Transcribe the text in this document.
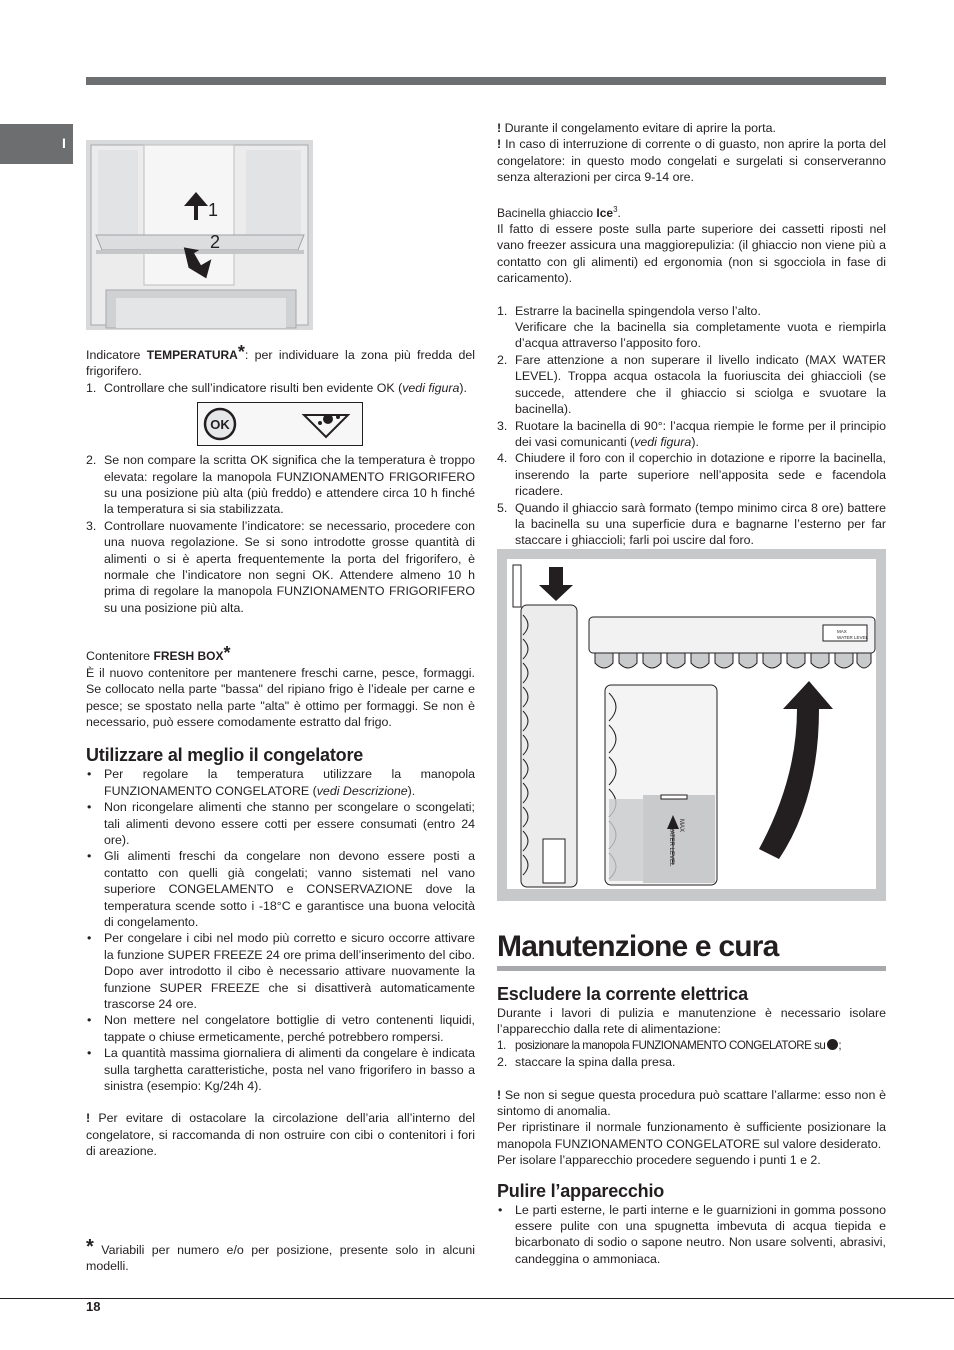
I
1
2

Indicatore TEMPERATURA*: per individuare la zona più fredda del frigorifero.

1. Controllare che sull’indicatore risulti ben evidente OK (vedi figura).
OK
2. Se non compare la scritta OK significa che la temperatura è troppo elevata: regolare la manopola FUNZIONAMENTO FRIGORIFERO su una posizione più alta (più freddo) e attendere circa 10 h finché la temperatura si sia stabilizzata.
3. Controllare nuovamente l’indicatore: se necessario, procedere con una nuova regolazione. Se si sono introdotte grosse quantità di alimenti o si è aperta frequentemente la porta del frigorifero, è normale che l’indicatore non segni OK. Attendere almeno 10 h prima di regolare la manopola FUNZIONAMENTO FRIGORIFERO su una posizione più alta.

Contenitore FRESH BOX*

È il nuovo contenitore per mantenere freschi carne, pesce, formaggi. Se collocato nella parte "bassa" del ripiano frigo è l’ideale per carne e pesce; se spostato nella parte "alta" è ottimo per formaggi. Se non è necessario, può essere comodamente estratto dal frigo.

Utilizzare al meglio il congelatore
• Per regolare la temperatura utilizzare la manopola FUNZIONAMENTO CONGELATORE (vedi Descrizione).
• Non ricongelare alimenti che stanno per scongelare o scongelati; tali alimenti devono essere cotti per essere consumati (entro 24 ore).
• Gli alimenti freschi da congelare non devono essere posti a contatto con quelli già congelati; vanno sistemati nel vano superiore CONGELAMENTO e CONSERVAZIONE dove la temperatura scende sotto i -18°C e garantisce una buona velocità di congelamento.
• Per congelare i cibi nel modo più corretto e sicuro occorre attivare la funzione SUPER FREEZE 24 ore prima dell’inserimento del cibo. Dopo aver introdotto il cibo è necessario attivare nuovamente la funzione SUPER FREEZE che si disattiverà automaticamente trascorse 24 ore.
• Non mettere nel congelatore bottiglie di vetro contenenti liquidi, tappate o chiuse ermeticamente, perché potrebbero rompersi.
• La quantità massima giornaliera di alimenti da congelare è indicata sulla targhetta caratteristiche, posta nel vano frigorifero in basso a sinistra (esempio: Kg/24h 4).

! Per evitare di ostacolare la circolazione dell’aria all’interno del congelatore, si raccomanda di non ostruire con cibi o contenitori i fori di areazione.

* Variabili per numero e/o per posizione, presente solo in alcuni modelli.

! Durante il congelamento evitare di aprire la porta.

! In caso di interruzione di corrente o di guasto, non aprire la porta del congelatore: in questo modo congelati e surgelati si conserveranno senza alterazioni per circa 9-14 ore.

Bacinella ghiaccio Ice$^3$.

Il fatto di essere poste sulla parte superiore dei cassetti riposti nel vano freezer assicura una maggiorepulizia: (il ghiaccio non viene più a contatto con gli alimenti) ed ergonomia (non si sgocciola in fase di caricamento).

1. Estrarre la bacinella spingendola verso l’alto.
Verificare che la bacinella sia completamente vuota e riempirla d’acqua attraverso l’apposito foro.
2. Fare attenzione a non superare il livello indicato (MAX WATER LEVEL). Troppa acqua ostacola la fuoriuscita dei ghiaccioli (se succede, attendere che il ghiaccio si sciolga e svuotare la bacinella).
3. Ruotare la bacinella di 90°: l’acqua riempie le forme per il principio dei vasi comunicanti (vedi figura).
4. Chiudere il foro con il coperchio in dotazione e riporre la bacinella, inserendo la parte superiore nell’apposita sede e facendola ricadere.
5. Quando il ghiaccio sarà formato (tempo minimo circa 8 ore) battere la bacinella su una superficie dura e bagnarne l’esterno per far staccare i ghiaccioli; farli poi uscire dal foro.
MAX
WATER LEVEL
MAX
WATER LEVEL
Manutenzione e cura
Escludere la corrente elettrica

Durante i lavori di pulizia e manutenzione è necessario isolare l’apparecchio dalla rete di alimentazione:

1. posizionare la manopola FUNZIONAMENTO CONGELATORE su ;
2. staccare la spina dalla presa.

! Se non si segue questa procedura può scattare l’allarme: esso non è sintomo di anomalia.

Per ripristinare il normale funzionamento è sufficiente posizionare la manopola FUNZIONAMENTO CONGELATORE sul valore desiderato.

Per isolare l’apparecchio procedere seguendo i punti 1 e 2.

Pulire l’apparecchio
• Le parti esterne, le parti interne e le guarnizioni in gomma possono essere pulite con una spugnetta imbevuta di acqua tiepida e bicarbonato di sodio o sapone neutro. Non usare solventi, abrasivi, candeggina o ammoniaca.
18
